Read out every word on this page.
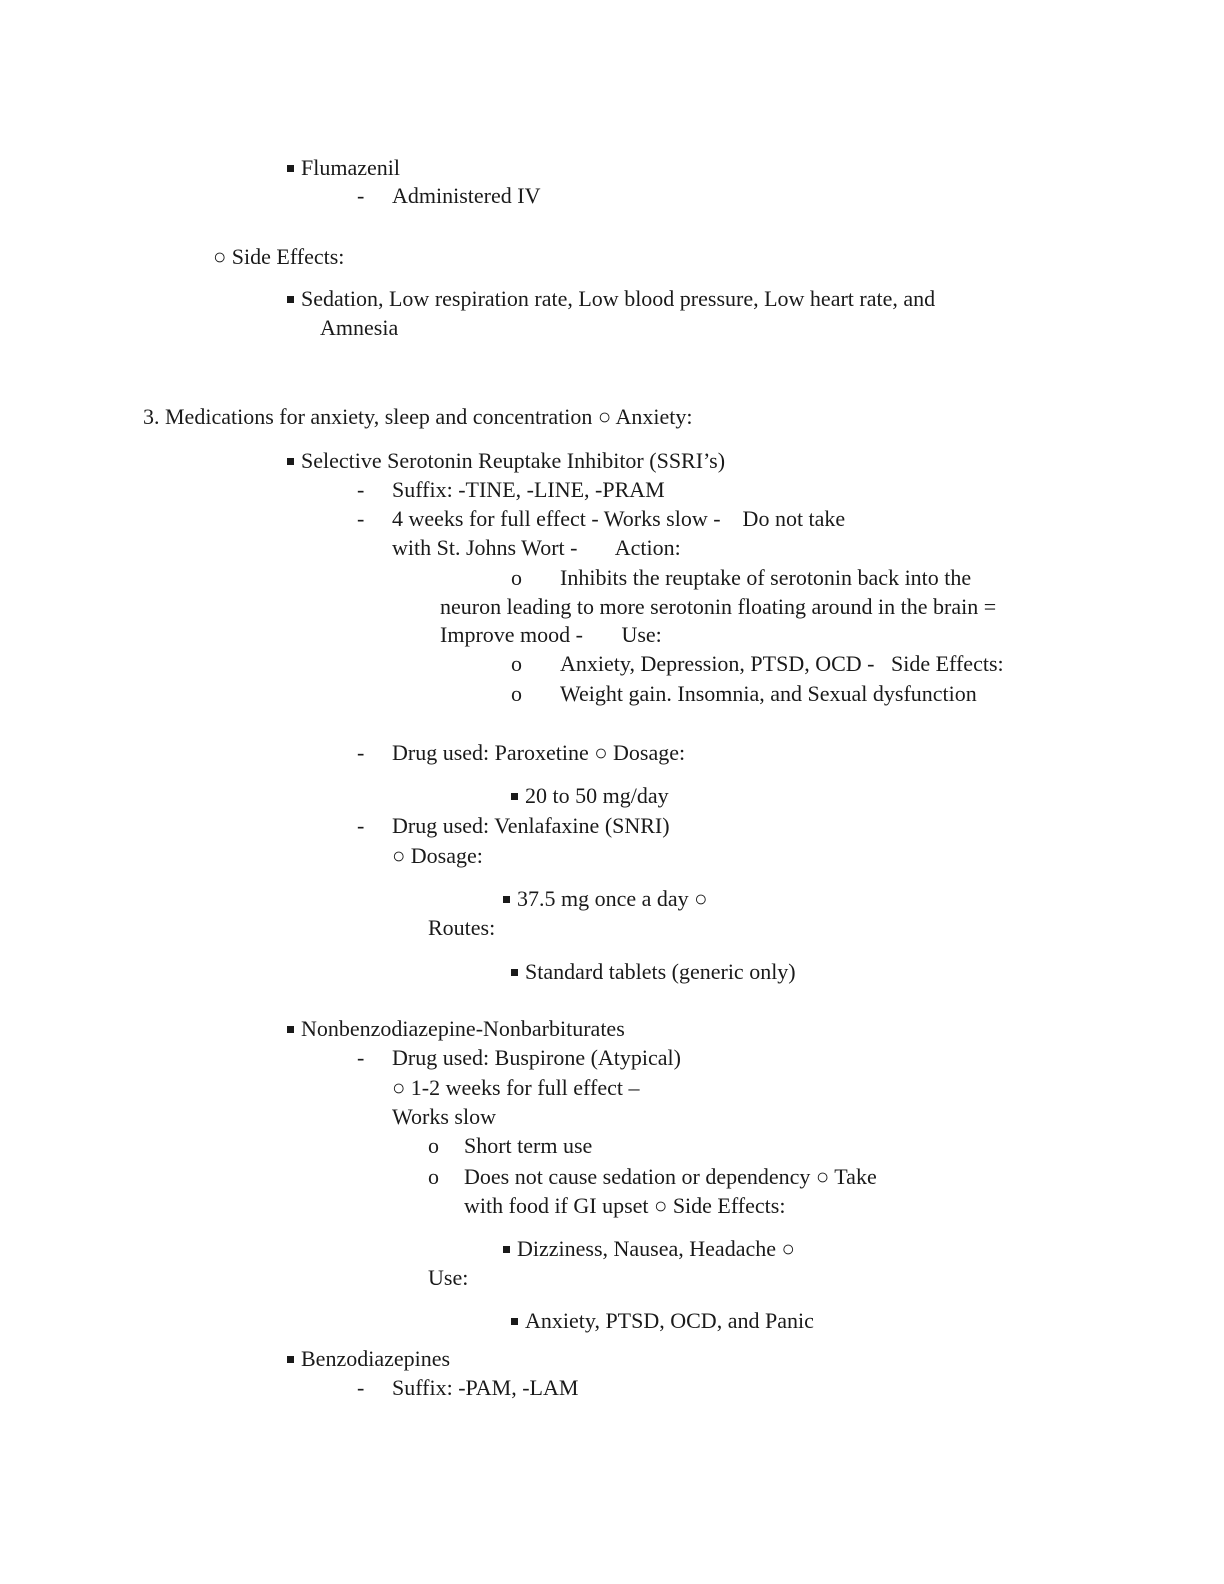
Flumazenil
- Administered IV
○ Side Effects:
Sedation, Low respiration rate, Low blood pressure, Low heart rate, and
Amnesia
3. Medications for anxiety, sleep and concentration ○ Anxiety:
Selective Serotonin Reuptake Inhibitor (SSRI’s)
- Suffix: -TINE, -LINE, -PRAM
- 4 weeks for full effect - Works slow -    Do not take
with St. Johns Wort -       Action:
o Inhibits the reuptake of serotonin back into the
neuron leading to more serotonin floating around in the brain =
Improve mood -       Use:
o Anxiety, Depression, PTSD, OCD -   Side Effects:
o Weight gain. Insomnia, and Sexual dysfunction
- Drug used: Paroxetine ○ Dosage:
20 to 50 mg/day
- Drug used: Venlafaxine (SNRI)
○ Dosage:
37.5 mg once a day ○
Routes:
Standard tablets (generic only)
Nonbenzodiazepine-Nonbarbiturates
- Drug used: Buspirone (Atypical)
○ 1-2 weeks for full effect –
Works slow
o Short term use
o Does not cause sedation or dependency ○ Take
with food if GI upset ○ Side Effects:
Dizziness, Nausea, Headache ○
Use:
Anxiety, PTSD, OCD, and Panic
Benzodiazepines
- Suffix: -PAM, -LAM
